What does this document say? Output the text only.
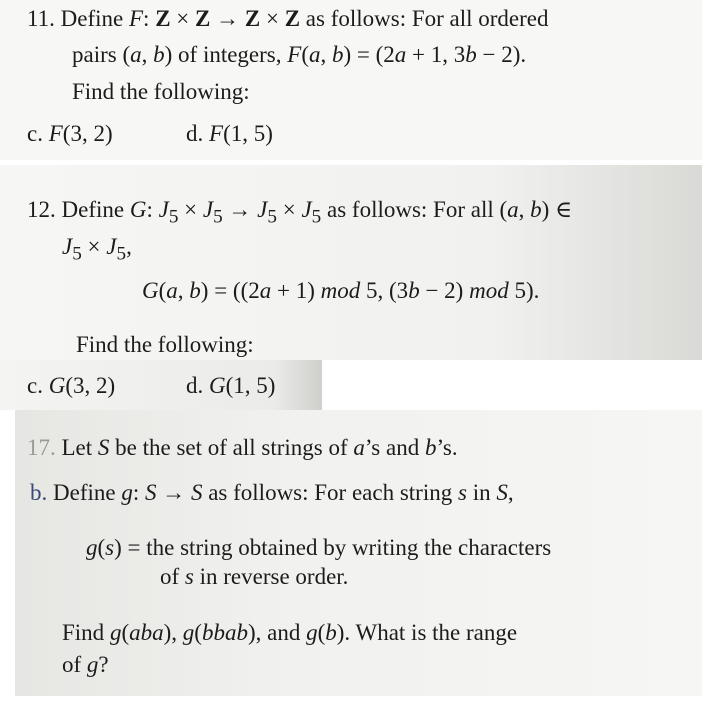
11. Define F: Z × Z → Z × Z as follows: For all ordered
pairs (a, b) of integers, F(a, b) = (2a + 1, 3b − 2).
Find the following:
c. F(3, 2)	d. F(1, 5)
12. Define G: $J_5 \times J_5 \to J_5 \times J_5$ as follows: For all (a, b) ∈
$J_5 \times J_5$,
G(a, b) = ((2a + 1) mod 5, (3b − 2) mod 5).
Find the following:
c. G(3, 2)	d. G(1, 5)
17. Let S be the set of all strings of a’s and b’s.
b. Define g: S → S as follows: For each string s in S,
g(s) = the string obtained by writing the characters
of s in reverse order.
Find g(aba), g(bbab), and g(b). What is the range
of g?
